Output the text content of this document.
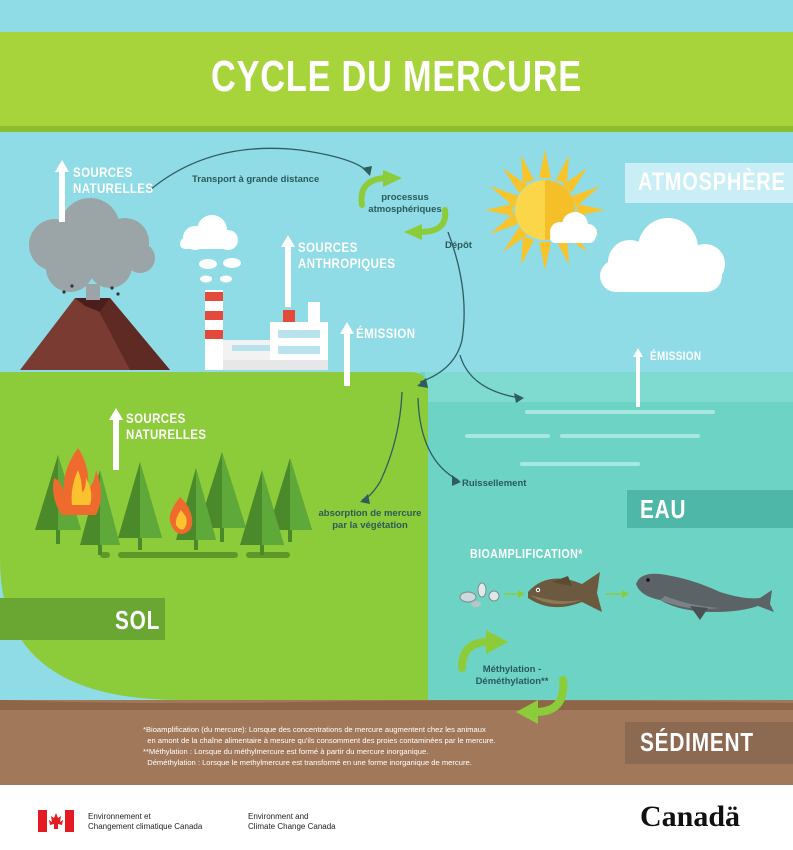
CYCLE DU MERCURE
ATMOSPHÈRE
EAU
SOL
SÉDIMENT
SOURCES
NATURELLES
SOURCES
ANTHROPIQUES
ÉMISSION
SOURCES
NATURELLES
ÉMISSION
BIOAMPLIFICATION*
Transport à grande distance
processus
atmosphériques
Dépôt
Ruissellement
absorption de mercure
par la végétation
Méthylation -
Déméthylation**
*Bioamplification (du mercure): Lorsque des concentrations de mercure augmentent chez les animaux
en amont de la chaîne alimentaire à mesure qu'ils consomment des proies contaminées par le mercure.
**Méthylation : Lorsque du méthylmercure est formé à partir du mercure inorganique.
Déméthylation : Lorsque le methylmercure est transformé en une forme inorganique de mercure.
Environnement et
Changement climatique Canada
Environment and
Climate Change Canada	Canadä
